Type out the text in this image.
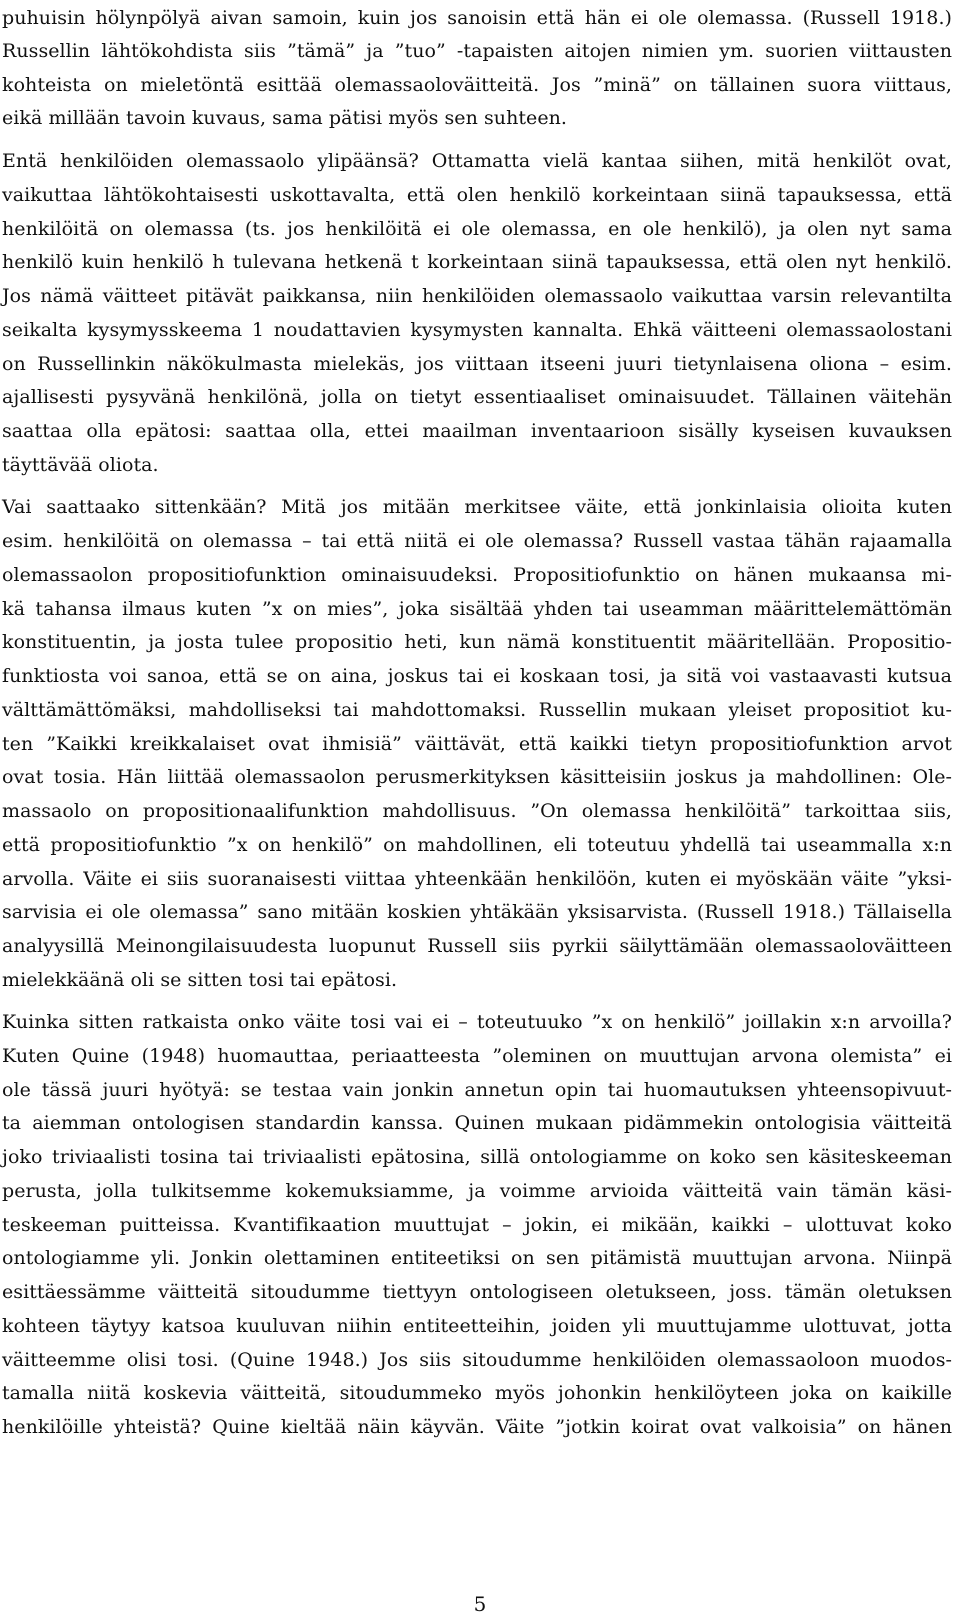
puhuisin hölynpölyä aivan samoin, kuin jos sanoisin että hän ei ole olemassa. (Russell 1918.)
Russellin lähtökohdista siis ”tämä” ja ”tuo” -tapaisten aitojen nimien ym. suorien viittausten
kohteista on mieletöntä esittää olemassaoloväitteitä. Jos ”minä” on tällainen suora viittaus,
eikä millään tavoin kuvaus, sama pätisi myös sen suhteen.
Entä henkilöiden olemassaolo ylipäänsä? Ottamatta vielä kantaa siihen, mitä henkilöt ovat,
vaikuttaa lähtökohtaisesti uskottavalta, että olen henkilö korkeintaan siinä tapauksessa, että
henkilöitä on olemassa (ts. jos henkilöitä ei ole olemassa, en ole henkilö), ja olen nyt sama
henkilö kuin henkilö h tulevana hetkenä t korkeintaan siinä tapauksessa, että olen nyt henkilö.
Jos nämä väitteet pitävät paikkansa, niin henkilöiden olemassaolo vaikuttaa varsin relevantilta
seikalta kysymysskeema 1 noudattavien kysymysten kannalta. Ehkä väitteeni olemassaolostani
on Russellinkin näkökulmasta mielekäs, jos viittaan itseeni juuri tietynlaisena oliona – esim.
ajallisesti pysyvänä henkilönä, jolla on tietyt essentiaaliset ominaisuudet. Tällainen väitehän
saattaa olla epätosi: saattaa olla, ettei maailman inventaarioon sisälly kyseisen kuvauksen
täyttävää oliota.
Vai saattaako sittenkään? Mitä jos mitään merkitsee väite, että jonkinlaisia olioita kuten
esim. henkilöitä on olemassa – tai että niitä ei ole olemassa? Russell vastaa tähän rajaamalla
olemassaolon propositiofunktion ominaisuudeksi. Propositiofunktio on hänen mukaansa mi-
kä tahansa ilmaus kuten ”x on mies”, joka sisältää yhden tai useamman määrittelemättömän
konstituentin, ja josta tulee propositio heti, kun nämä konstituentit määritellään. Propositio-
funktiosta voi sanoa, että se on aina, joskus tai ei koskaan tosi, ja sitä voi vastaavasti kutsua
välttämättömäksi, mahdolliseksi tai mahdottomaksi. Russellin mukaan yleiset propositiot ku-
ten ”Kaikki kreikkalaiset ovat ihmisiä” väittävät, että kaikki tietyn propositiofunktion arvot
ovat tosia. Hän liittää olemassaolon perusmerkityksen käsitteisiin joskus ja mahdollinen: Ole-
massaolo on propositionaalifunktion mahdollisuus. ”On olemassa henkilöitä” tarkoittaa siis,
että propositiofunktio ”x on henkilö” on mahdollinen, eli toteutuu yhdellä tai useammalla x:n
arvolla. Väite ei siis suoranaisesti viittaa yhteenkään henkilöön, kuten ei myöskään väite ”yksi-
sarvisia ei ole olemassa” sano mitään koskien yhtäkään yksisarvista. (Russell 1918.) Tällaisella
analyysillä Meinongilaisuudesta luopunut Russell siis pyrkii säilyttämään olemassaoloväitteen
mielekkäänä oli se sitten tosi tai epätosi.
Kuinka sitten ratkaista onko väite tosi vai ei – toteutuuko ”x on henkilö” joillakin x:n arvoilla?
Kuten Quine (1948) huomauttaa, periaatteesta ”oleminen on muuttujan arvona olemista” ei
ole tässä juuri hyötyä: se testaa vain jonkin annetun opin tai huomautuksen yhteensopivuut-
ta aiemman ontologisen standardin kanssa. Quinen mukaan pidämmekin ontologisia väitteitä
joko triviaalisti tosina tai triviaalisti epätosina, sillä ontologiamme on koko sen käsiteskeeman
perusta, jolla tulkitsemme kokemuksiamme, ja voimme arvioida väitteitä vain tämän käsi-
teskeeman puitteissa. Kvantifikaation muuttujat – jokin, ei mikään, kaikki – ulottuvat koko
ontologiamme yli. Jonkin olettaminen entiteetiksi on sen pitämistä muuttujan arvona. Niinpä
esittäessämme väitteitä sitoudumme tiettyyn ontologiseen oletukseen, joss. tämän oletuksen
kohteen täytyy katsoa kuuluvan niihin entiteetteihin, joiden yli muuttujamme ulottuvat, jotta
väitteemme olisi tosi. (Quine 1948.) Jos siis sitoudumme henkilöiden olemassaoloon muodos-
tamalla niitä koskevia väitteitä, sitoudummeko myös johonkin henkilöyteen joka on kaikille
henkilöille yhteistä? Quine kieltää näin käyvän. Väite ”jotkin koirat ovat valkoisia” on hänen
5
